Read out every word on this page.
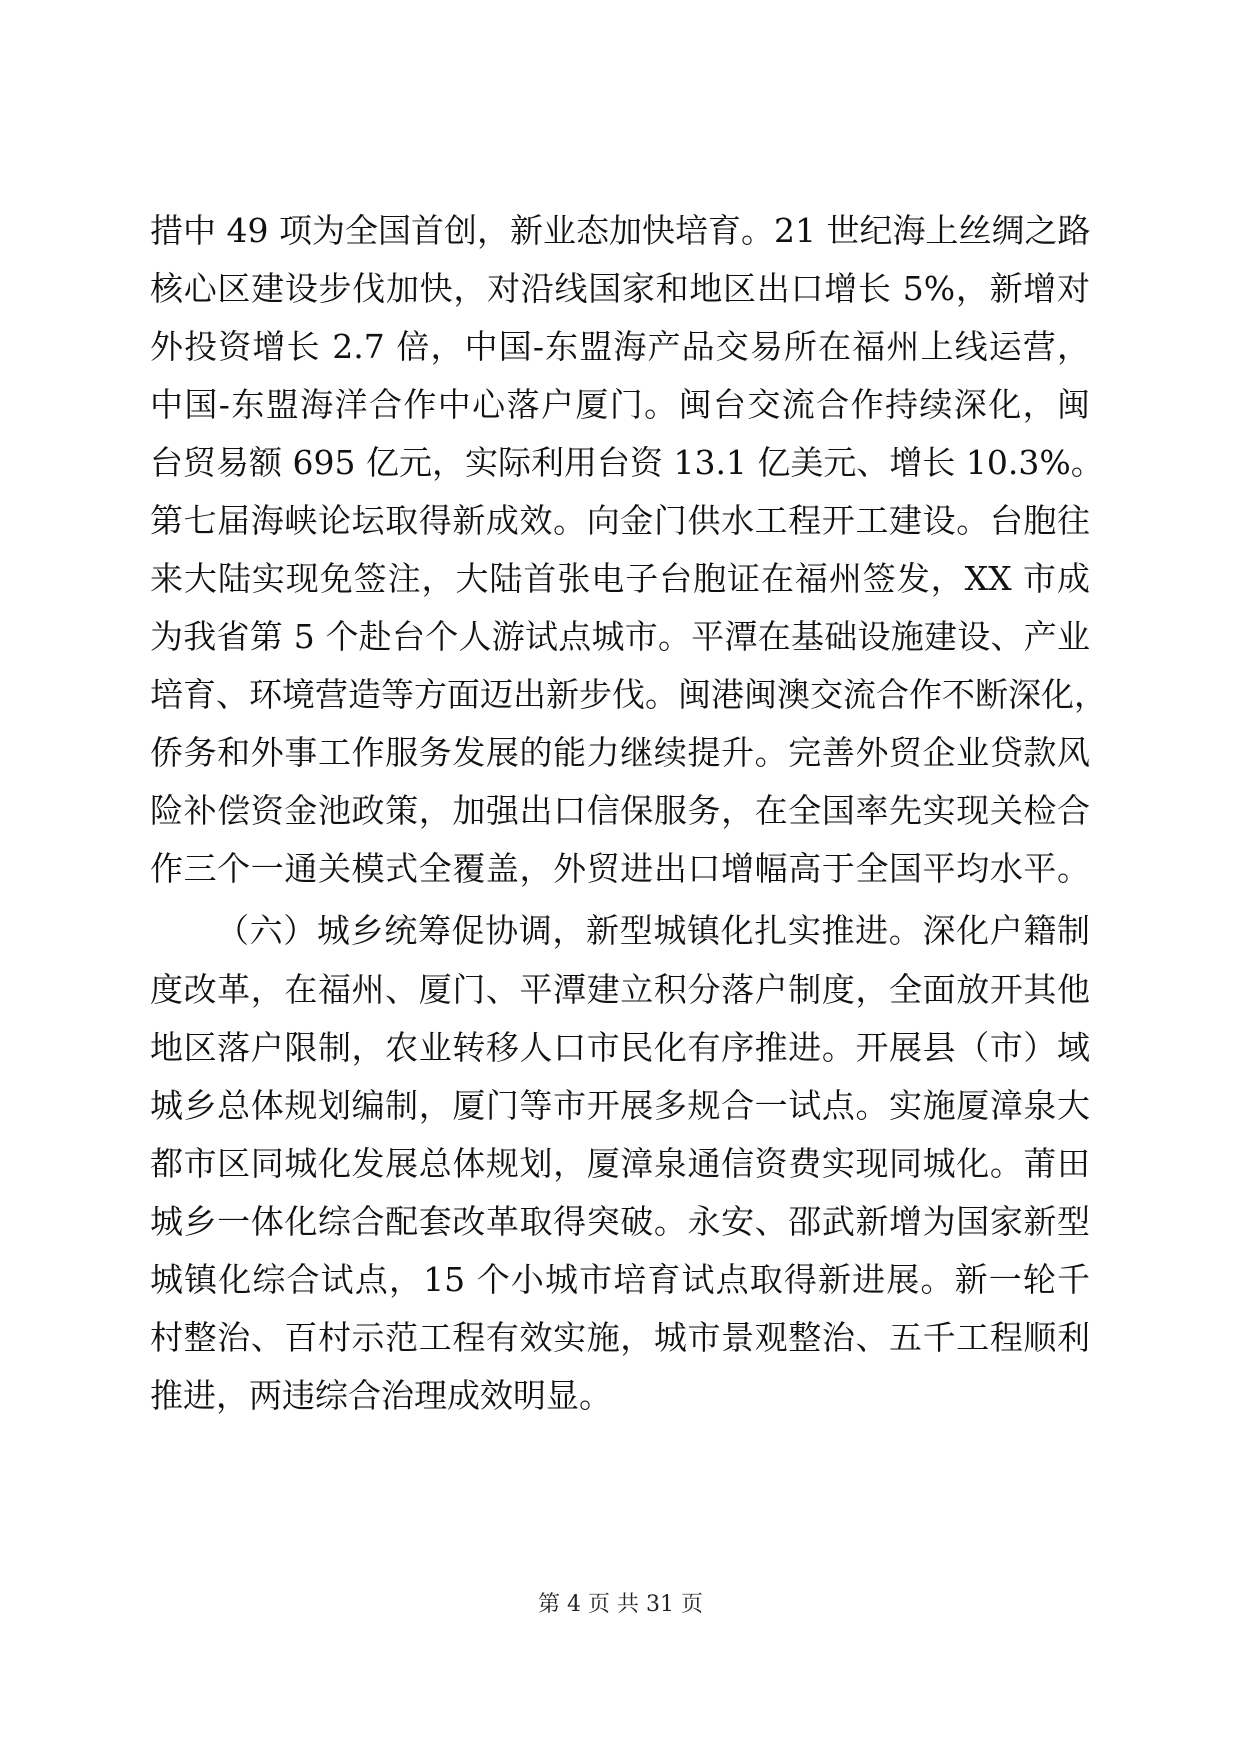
措中 49 项为全国首创，新业态加快培育。21 世纪海上丝绸之路
核心区建设步伐加快，对沿线国家和地区出口增长 5%，新增对
外投资增长 2.7 倍，中国-东盟海产品交易所在福州上线运营，
中国-东盟海洋合作中心落户厦门。闽台交流合作持续深化，闽
台贸易额 695 亿元，实际利用台资 13.1 亿美元、增长 10.3%。
第七届海峡论坛取得新成效。向金门供水工程开工建设。台胞往
来大陆实现免签注，大陆首张电子台胞证在福州签发，XX 市成
为我省第 5 个赴台个人游试点城市。平潭在基础设施建设、产业
培育、环境营造等方面迈出新步伐。闽港闽澳交流合作不断深化，
侨务和外事工作服务发展的能力继续提升。完善外贸企业贷款风
险补偿资金池政策，加强出口信保服务，在全国率先实现关检合
作三个一通关模式全覆盖，外贸进出口增幅高于全国平均水平。
（六）城乡统筹促协调，新型城镇化扎实推进。深化户籍制
度改革，在福州、厦门、平潭建立积分落户制度，全面放开其他
地区落户限制，农业转移人口市民化有序推进。开展县（市）域
城乡总体规划编制，厦门等市开展多规合一试点。实施厦漳泉大
都市区同城化发展总体规划，厦漳泉通信资费实现同城化。莆田
城乡一体化综合配套改革取得突破。永安、邵武新增为国家新型
城镇化综合试点，15 个小城市培育试点取得新进展。新一轮千
村整治、百村示范工程有效实施，城市景观整治、五千工程顺利
推进，两违综合治理成效明显。
第 4 页 共 31 页
